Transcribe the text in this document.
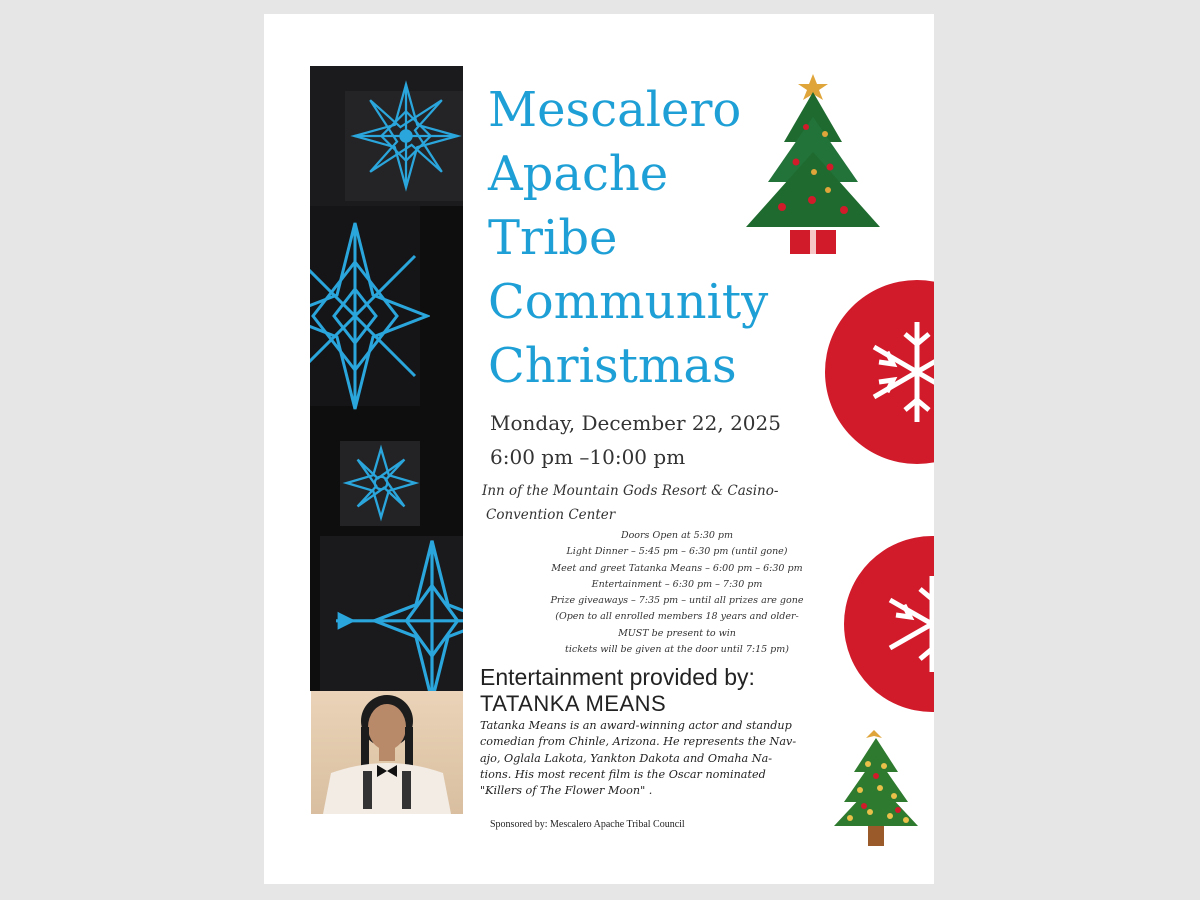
Mescalero
Apache
Tribe
Community
Christmas
Monday, December 22, 2025
6:00 pm –10:00 pm
Inn of the Mountain Gods Resort & Casino-
Convention Center
Doors Open at 5:30 pm
Light Dinner – 5:45 pm – 6:30 pm (until gone)
Meet and greet Tatanka Means – 6:00 pm – 6:30 pm
Entertainment – 6:30 pm – 7:30 pm
Prize giveaways – 7:35 pm – until all prizes are gone
(Open to all enrolled members 18 years and older-
MUST be present to win
tickets will be given at the door until 7:15 pm)
Entertainment provided by:
TATANKA MEANS
Tatanka Means is an award-winning actor and standup
comedian from Chinle, Arizona. He represents the Nav-
ajo, Oglala Lakota, Yankton Dakota and Omaha Na-
tions. His most recent film is the Oscar nominated
"Killers of The Flower Moon" .
Sponsored by: Mescalero Apache Tribal Council
